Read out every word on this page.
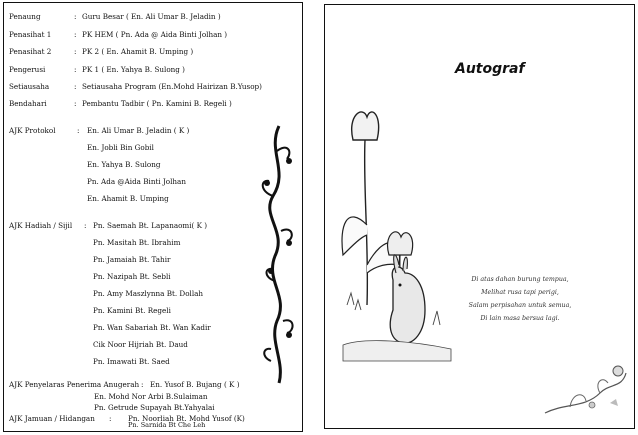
Penaung	: Guru Besar ( En. Ali Umar B. Jeladin )
Penasihat 1	: PK HEM ( Pn. Ada @ Aida Binti Jolhan )
Penasihat 2	: PK 2 ( En. Ahamit B. Umping )
Pengerusi	: PK 1 ( En. Yahya B. Sulong )
Setiausaha	: Setiausaha Program (En.Mohd Hairizan B.Yusop)
Bendahari	: Pembantu Tadbir ( Pn. Kamini B. Regeli )
AJK Protokol	: En. Ali Umar B. Jeladin ( K )
En. Jobli Bin Gobil
En. Yahya B. Sulong
Pn. Ada @Aida Binti Jolhan
En. Ahamit B. Umping
AJK Hadiah / Sijil : Pn. Saemah Bt. Lapanaomi( K )
Pn. Masitah Bt. Ibrahim
Pn. Jamaiah Bt. Tahir
Pn. Nazipah Bt. Sebli
Pn. Amy Maszlynna Bt. Dollah
Pn. Kamini Bt. Regeli
Pn. Wan Sabariah Bt. Wan Kadir
Cik Noor Hijriah Bt. Daud
Pn. Imawati Bt. Saed
AJK Penyelaras Penerima Anugerah : En. Yusof B. Bujang ( K )
En. Mohd Nor Arbi B.Sulaiman
Pn. Getrude Supayah Bt.Yahyalai
AJK Jamuan / Hidangan : Pn. Noorliah Bt. Mohd Yusof (K)
Pn. Sarnida Bt Che Leh
Autograf
Di atas dahan burung tempua,
Melihat rusa tapi perigi,
Salam perpisahan untuk semua,
Di lain masa bersua lagi.
